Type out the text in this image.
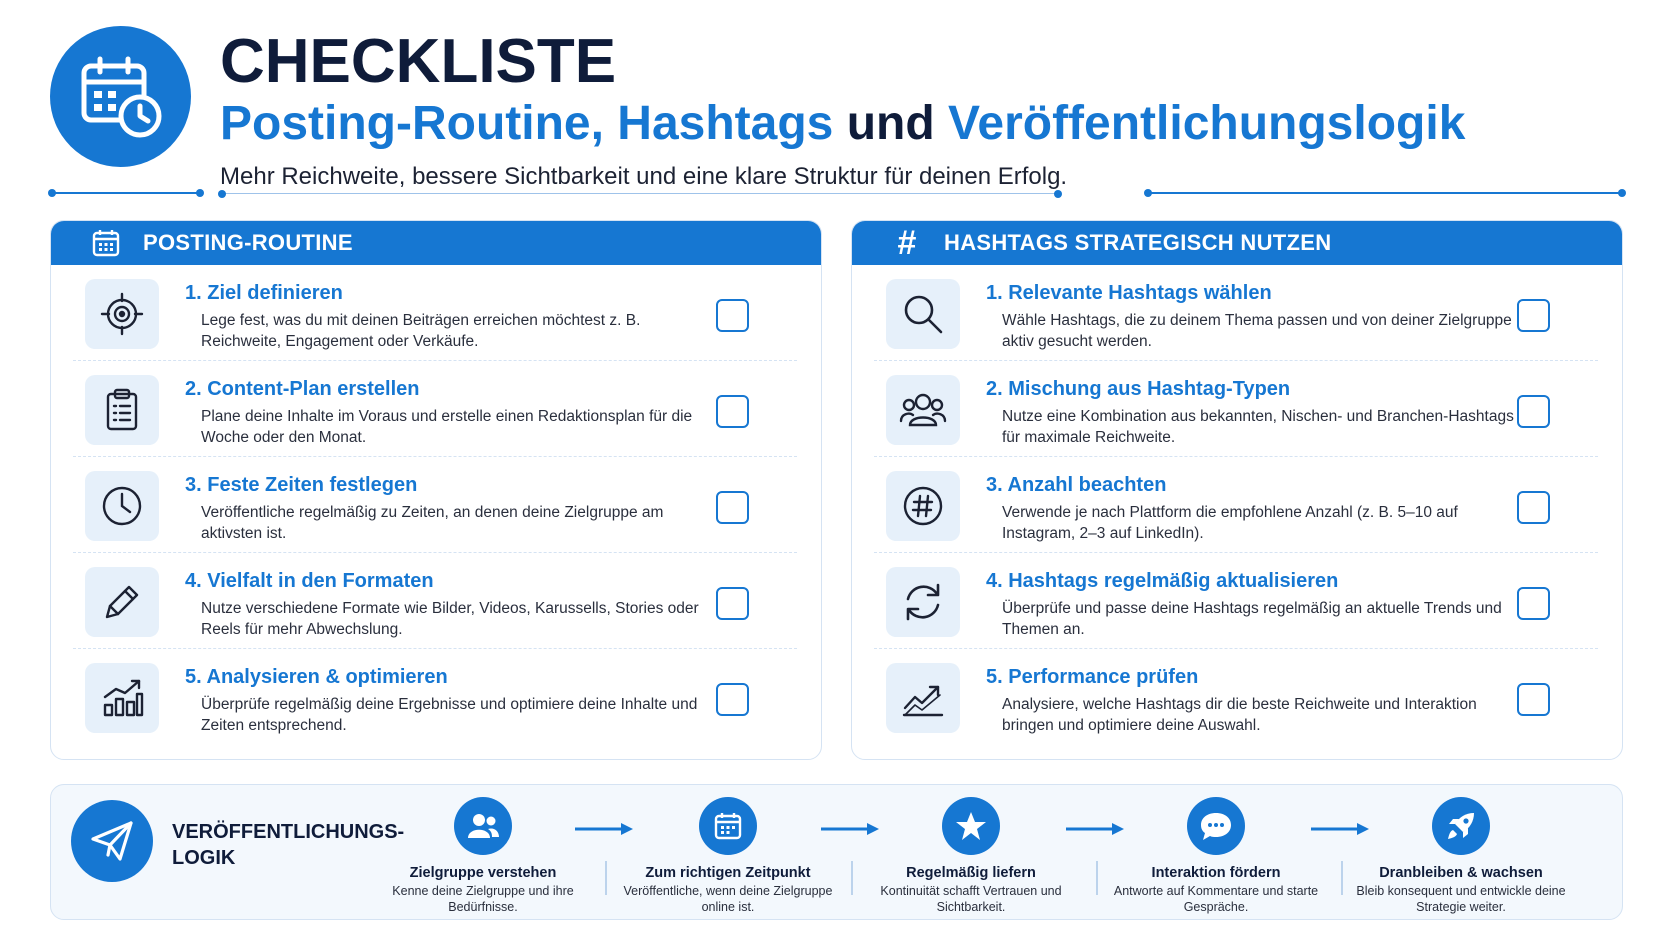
CHECKLISTE
Posting-Routine, Hashtags und Veröffentlichungslogik
Mehr Reichweite, bessere Sichtbarkeit und eine klare Struktur für deinen Erfolg.
POSTING-ROUTINE
1. Ziel definieren
Lege fest, was du mit deinen Beiträgen erreichen möchtest z. B. Reichweite, Engagement oder Verkäufe.
2. Content-Plan erstellen
Plane deine Inhalte im Voraus und erstelle einen Redaktionsplan für die Woche oder den Monat.
3. Feste Zeiten festlegen
Veröffentliche regelmäßig zu Zeiten, an denen deine Zielgruppe am aktivsten ist.
4. Vielfalt in den Formaten
Nutze verschiedene Formate wie Bilder, Videos, Karussells, Stories oder Reels für mehr Abwechslung.
5. Analysieren & optimieren
Überprüfe regelmäßig deine Ergebnisse und optimiere deine Inhalte und Zeiten entsprechend.
# HASHTAGS STRATEGISCH NUTZEN
1. Relevante Hashtags wählen
Wähle Hashtags, die zu deinem Thema passen und von deiner Zielgruppe aktiv gesucht werden.
2. Mischung aus Hashtag-Typen
Nutze eine Kombination aus bekannten, Nischen- und Branchen-Hashtags für maximale Reichweite.
3. Anzahl beachten
Verwende je nach Plattform die empfohlene Anzahl (z. B. 5–10 auf Instagram, 2–3 auf LinkedIn).
4. Hashtags regelmäßig aktualisieren
Überprüfe und passe deine Hashtags regelmäßig an aktuelle Trends und Themen an.
5. Performance prüfen
Analysiere, welche Hashtags dir die beste Reichweite und Interaktion bringen und optimiere deine Auswahl.
VERÖFFENTLICHUNGS-LOGIK
Zielgruppe verstehen
Kenne deine Zielgruppe und ihre Bedürfnisse.
Zum richtigen Zeitpunkt
Veröffentliche, wenn deine Zielgruppe online ist.
Regelmäßig liefern
Kontinuität schafft Vertrauen und Sichtbarkeit.
Interaktion fördern
Antworte auf Kommentare und starte Gespräche.
Dranbleiben & wachsen
Bleib konsequent und entwickle deine Strategie weiter.
